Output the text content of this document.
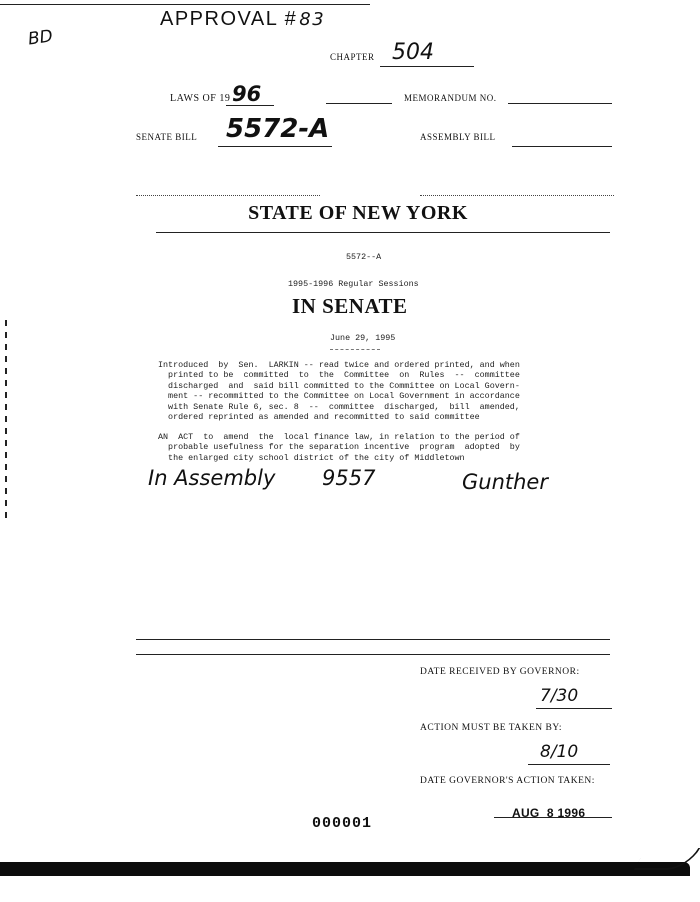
APPROVAL # 83
BD
CHAPTER 504
LAWS OF 19 96	MEMORANDUM NO.
SENATE BILL 5572-A	ASSEMBLY BILL
STATE OF NEW YORK
5572--A
1995-1996 Regular Sessions
IN SENATE
June 29, 1995
Introduced  by  Sen.  LARKIN -- read twice and ordered printed, and when
printed to be  committed  to  the  Committee  on  Rules  --  committee
discharged  and  said bill committed to the Committee on Local Govern-
ment -- recommitted to the Committee on Local Government in accordance
with Senate Rule 6, sec. 8  --  committee  discharged,  bill  amended,
ordered reprinted as amended and recommitted to said committee
AN  ACT  to  amend  the  local finance law, in relation to the period of
probable usefulness for the separation incentive  program  adopted  by
the enlarged city school district of the city of Middletown
In Assembly 9557	Gunther
DATE RECEIVED BY GOVERNOR:
7/30
ACTION MUST BE TAKEN BY:
8/10
DATE GOVERNOR'S ACTION TAKEN:
AUG  8 1996
000001
